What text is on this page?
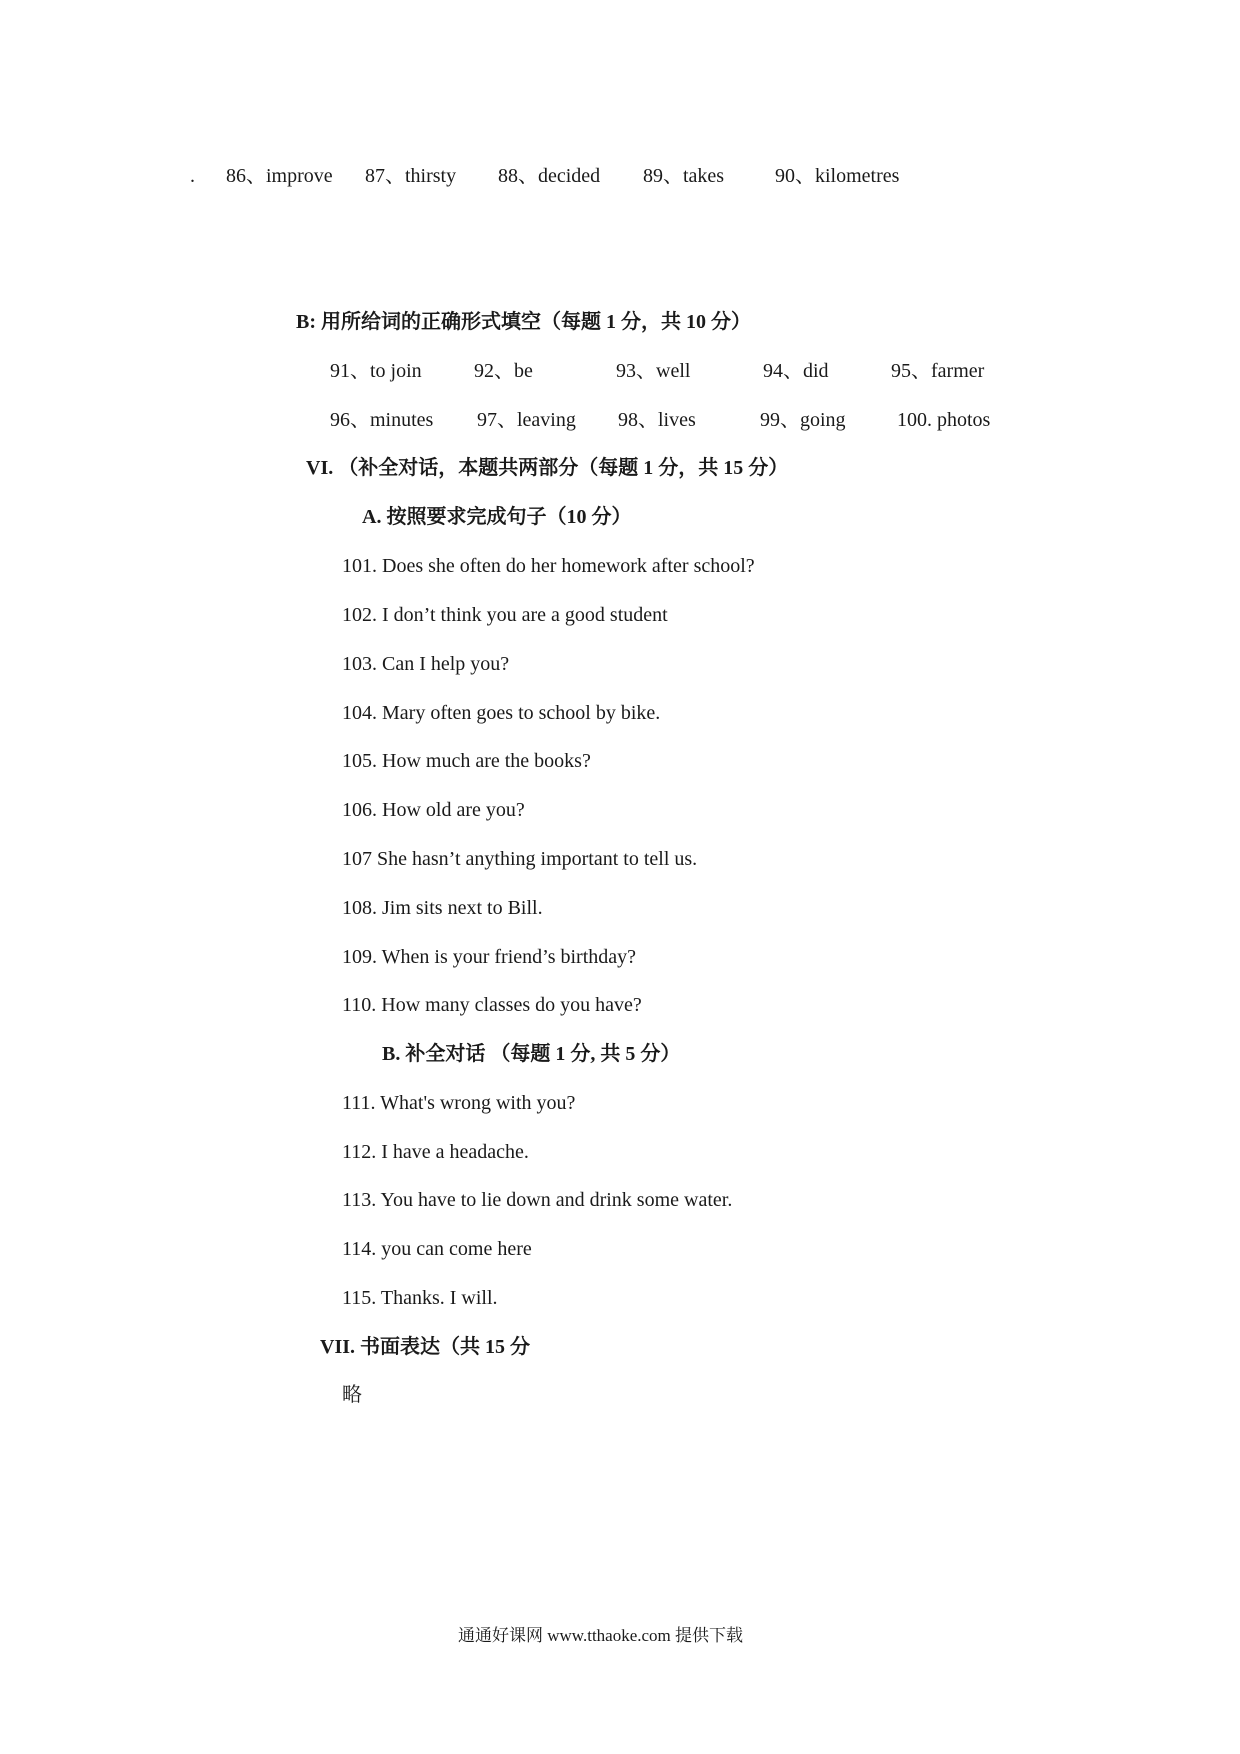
. 86、improve 87、thirsty 88、decided 89、takes	90、kilometres
B: 用所给词的正确形式填空（每题 1 分，共 10 分）
91、to join	92、be	93、well	94、did	95、farmer
96、minutes 97、leaving 98、lives	99、going	100. photos
VI. （补全对话，本题共两部分（每题 1 分，共 15 分）
A. 按照要求完成句子（10 分）
101. Does she often do her homework after school?
102. I don’t think you are a good student
103. Can I help you?
104. Mary often goes to school by bike.
105. How much are the books?
106. How old are you?
107 She hasn’t anything important to tell us.
108. Jim sits next to Bill.
109. When is your friend’s birthday?
110. How many classes do you have?
B. 补全对话 （每题 1 分, 共 5 分）
111. What's wrong with you?
112. I have a headache.
113. You have to lie down and drink some water.
114. you can come here
115. Thanks. I will.
VII. 书面表达（共 15 分
略
通通好课网 www.tthaoke.com 提供下载
